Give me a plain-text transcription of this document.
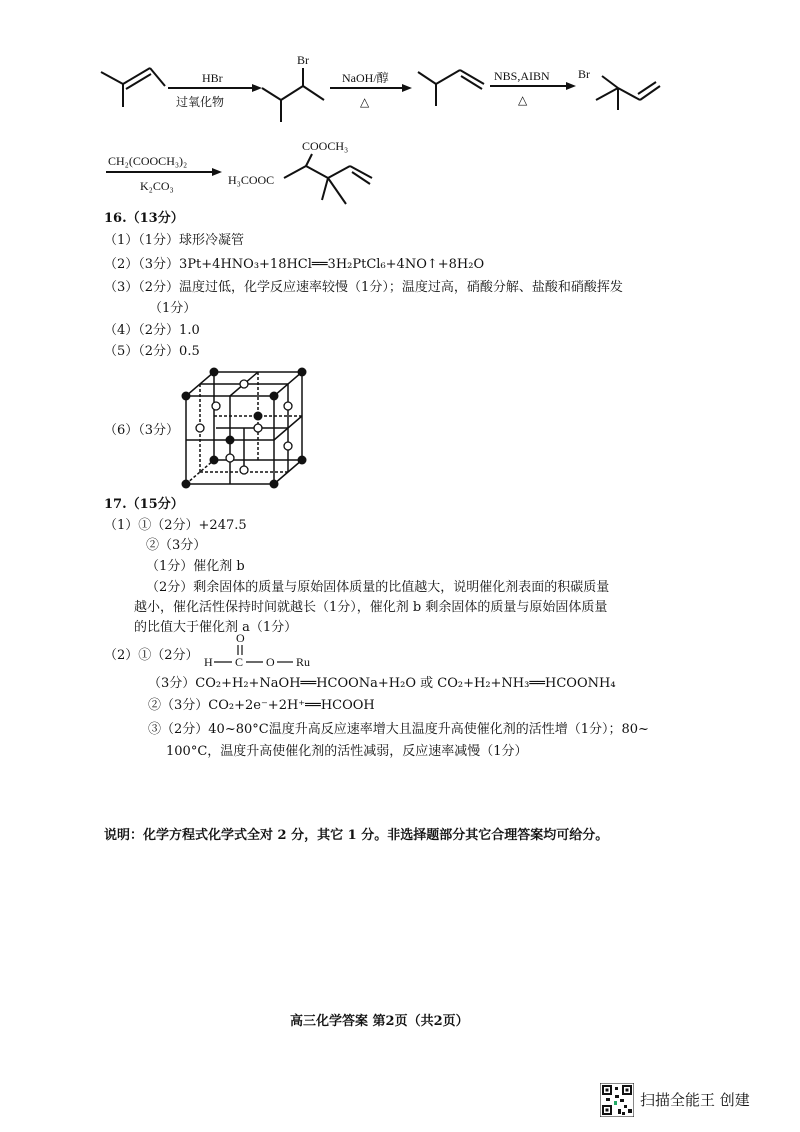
HBr
过氧化物
Br
NaOH/醇
△
NBS,AIBN
△
Br
CH₂(COOCH₃)₂
K₂CO₃	H₃COOC
COOCH₃
16.（13分）
（1）（1分）球形冷凝管
（2）（3分）3Pt+4HNO₃+18HCl══3H₂PtCl₆+4NO↑+8H₂O
（3）（2分）温度过低，化学反应速率较慢（1分）；温度过高，硝酸分解、盐酸和硝酸挥发
（1分）
（4）（2分）1.0
（5）（2分）0.5
（6）（3分）
17.（15分）
（1）①（2分）+247.5
②（3分）
（1分）催化剂 b
（2分）剩余固体的质量与原始固体质量的比值越大，说明催化剂表面的积碳质量
越小，催化活性保持时间就越长（1分），催化剂 b 剩余固体的质量与原始固体质量
的比值大于催化剂 a（1分）
（2）①（2分）
O
H C O Ru
（3分）CO₂+H₂+NaOH══HCOONa+H₂O 或 CO₂+H₂+NH₃══HCOONH₄
②（3分）CO₂+2e⁻+2H⁺══HCOOH
③（2分）40~80°C温度升高反应速率增大且温度升高使催化剂的活性增（1分）；80~
100°C，温度升高使催化剂的活性减弱，反应速率减慢（1分）
说明：化学方程式化学式全对 2 分，其它 1 分。非选择题部分其它合理答案均可给分。
高三化学答案 第2页（共2页）
扫描全能王 创建
